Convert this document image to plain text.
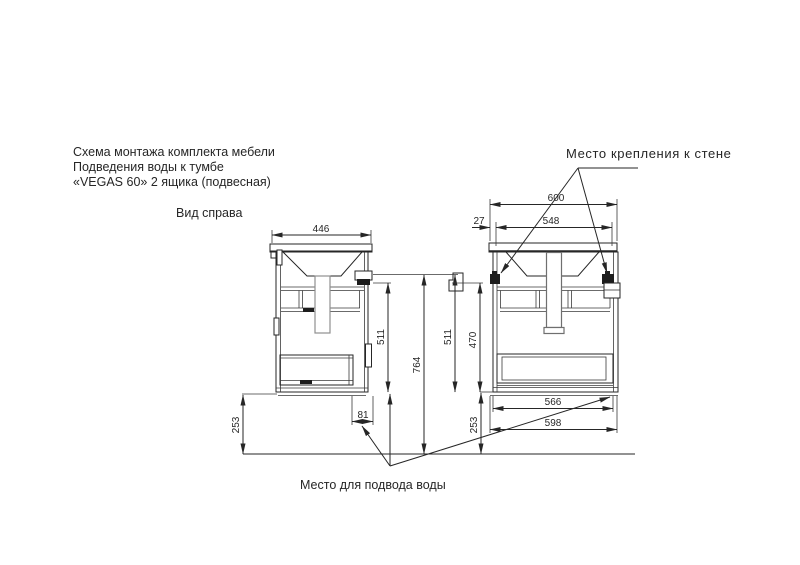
Схема монтажа комплекта мебели
Подведения воды к тумбе
«VEGAS 60» 2 ящика (подвесная)
Вид справа
446
511
764
81
253
600
27	548
511 470
253
566
598
Место крепления к стене
Место для подвода воды
